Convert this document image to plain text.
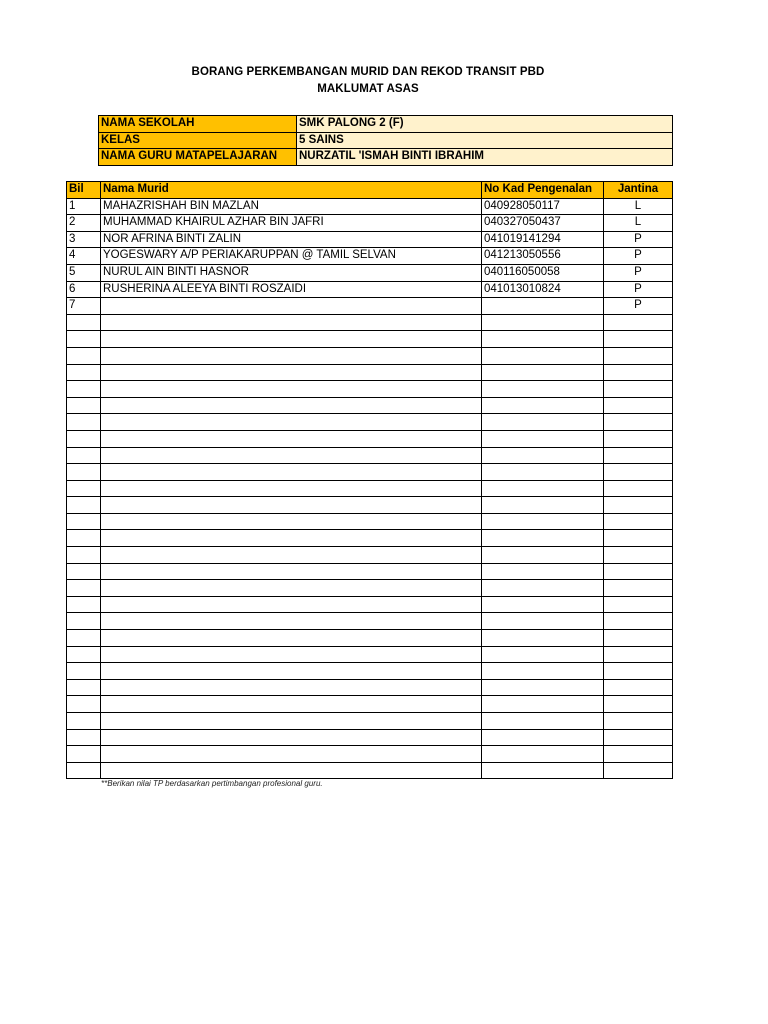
BORANG PERKEMBANGAN MURID DAN REKOD TRANSIT PBD
MAKLUMAT ASAS
NAMA SEKOLAH	SMK PALONG 2 (F)
KELAS	5 SAINS
NAMA GURU MATAPELAJARAN	NURZATIL 'ISMAH BINTI IBRAHIM
Bil	Nama Murid	No Kad Pengenalan	Jantina
1	MAHAZRISHAH BIN MAZLAN	040928050117	L
2	MUHAMMAD KHAIRUL AZHAR BIN JAFRI	040327050437	L
3	NOR AFRINA BINTI ZALIN	041019141294	P
4	YOGESWARY A/P PERIAKARUPPAN @ TAMIL SELVAN	041213050556	P
5	NURUL AIN BINTI HASNOR	040116050058	P
6	RUSHERINA ALEEYA BINTI ROSZAIDI	041013010824	P
7			P

**Berikan nilai TP berdasarkan pertimbangan profesional guru.
